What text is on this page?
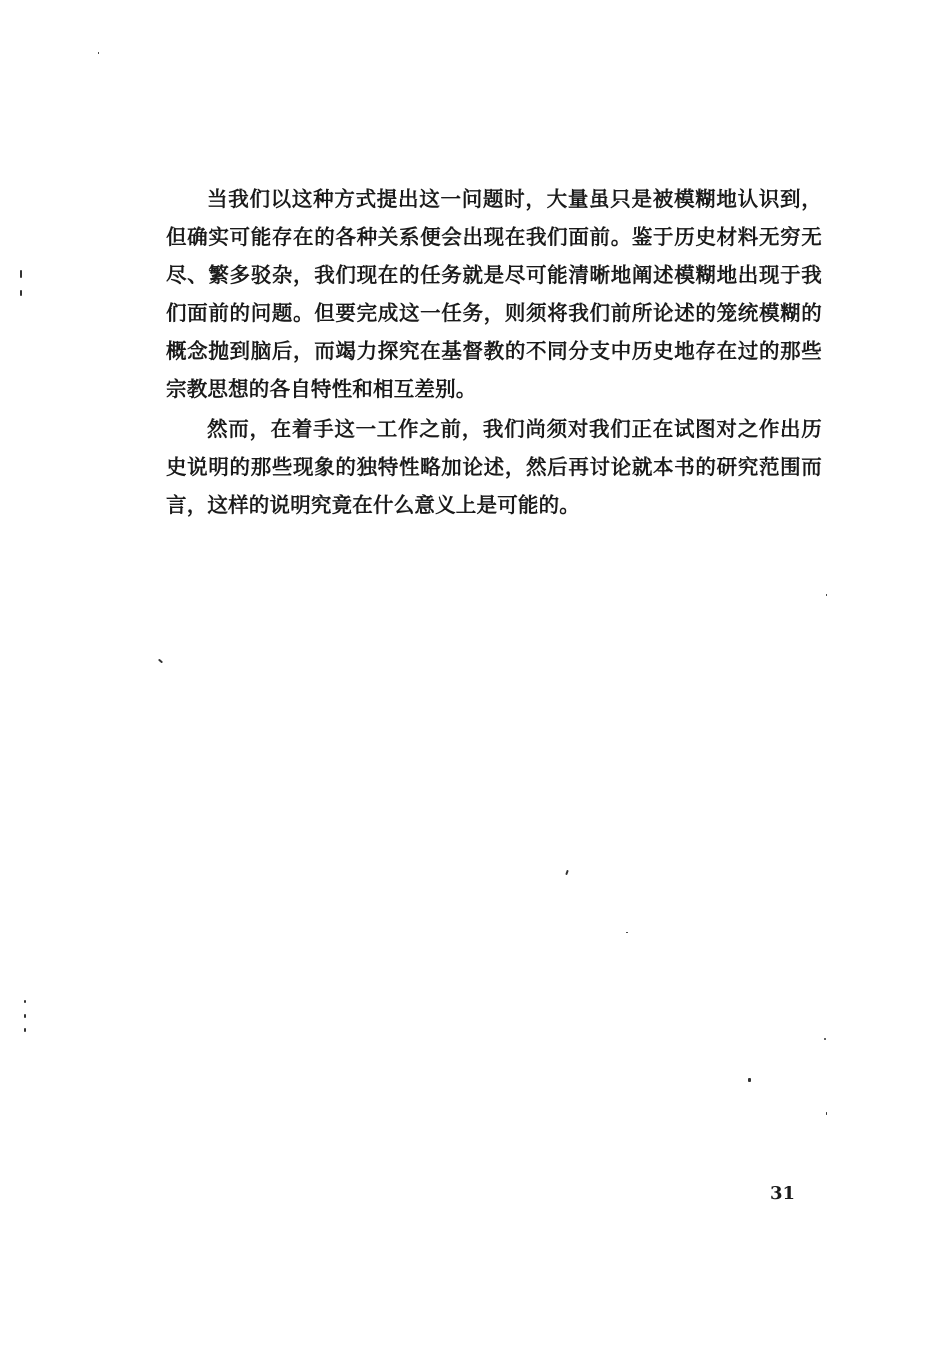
当我们以这种方式提出这一问题时，大量虽只是被模糊地认识到，但确实可能存在的各种关系便会出现在我们面前。鉴于历史材料无穷无尽、繁多驳杂，我们现在的任务就是尽可能清晰地阐述模糊地出现于我们面前的问题。但要完成这一任务，则须将我们前所论述的笼统模糊的概念抛到脑后，而竭力探究在基督教的不同分支中历史地存在过的那些宗教思想的各自特性和相互差别。

然而，在着手这一工作之前，我们尚须对我们正在试图对之作出历史说明的那些现象的独特性略加论述，然后再讨论就本书的研究范围而言，这样的说明究竟在什么意义上是可能的。

31
